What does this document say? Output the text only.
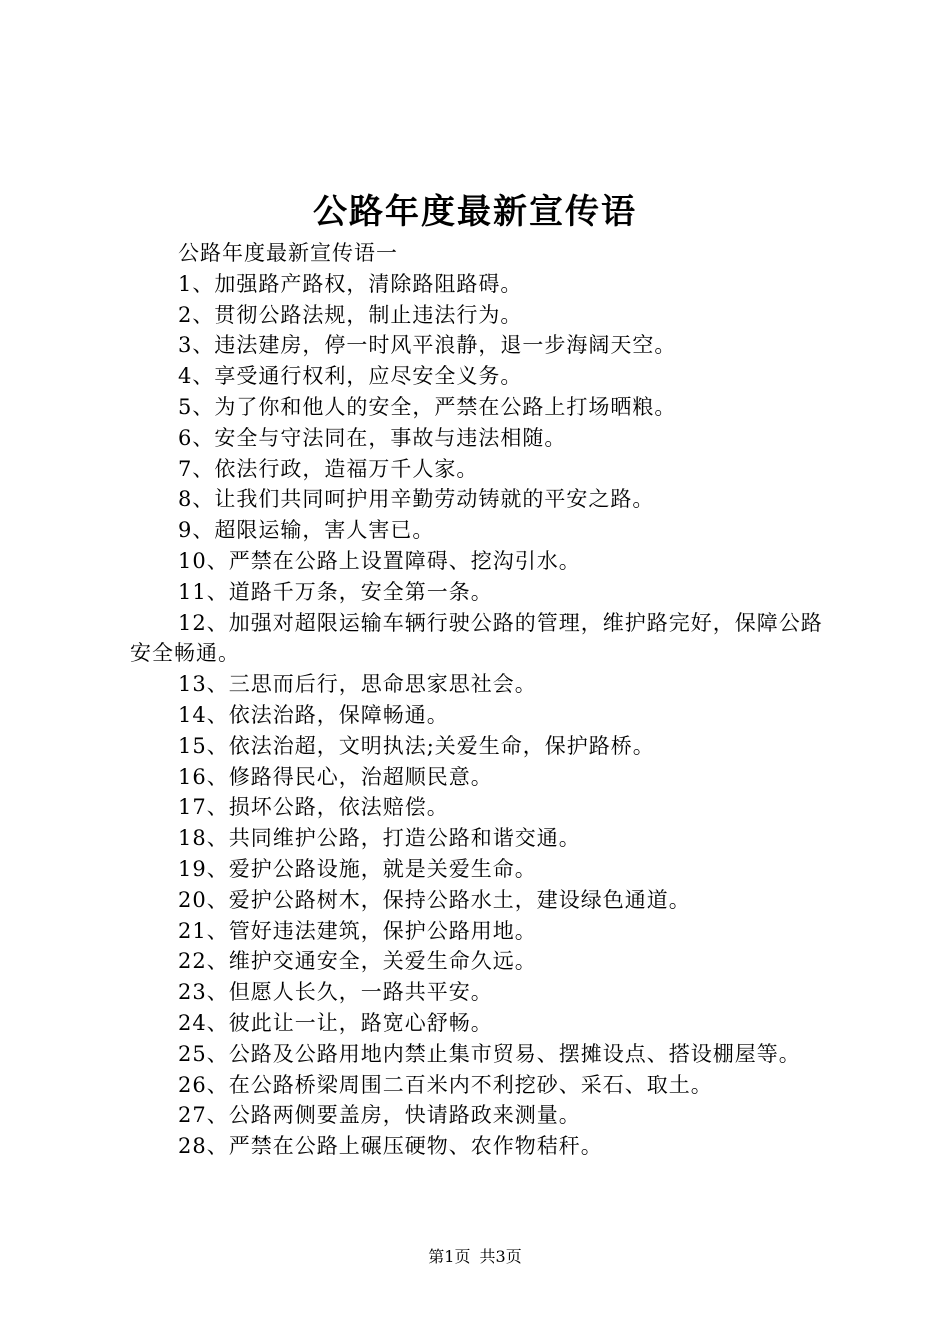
公路年度最新宣传语

公路年度最新宣传语一

1、加强路产路权，清除路阻路碍。

2、贯彻公路法规，制止违法行为。

3、违法建房，停一时风平浪静，退一步海阔天空。

4、享受通行权利，应尽安全义务。

5、为了你和他人的安全，严禁在公路上打场晒粮。

6、安全与守法同在，事故与违法相随。

7、依法行政，造福万千人家。

8、让我们共同呵护用辛勤劳动铸就的平安之路。

9、超限运输，害人害已。

10、严禁在公路上设置障碍、挖沟引水。

11、道路千万条，安全第一条。

12、加强对超限运输车辆行驶公路的管理，维护路完好，保障公路安全畅通。

13、三思而后行，思命思家思社会。

14、依法治路，保障畅通。

15、依法治超，文明执法;关爱生命，保护路桥。

16、修路得民心，治超顺民意。

17、损坏公路，依法赔偿。

18、共同维护公路，打造公路和谐交通。

19、爱护公路设施，就是关爱生命。

20、爱护公路树木，保持公路水土，建设绿色通道。

21、管好违法建筑，保护公路用地。

22、维护交通安全，关爱生命久远。

23、但愿人长久，一路共平安。

24、彼此让一让，路宽心舒畅。

25、公路及公路用地内禁止集市贸易、摆摊设点、搭设棚屋等。

26、在公路桥梁周围二百米内不利挖砂、采石、取土。

27、公路两侧要盖房，快请路政来测量。

28、严禁在公路上碾压硬物、农作物秸秆。

第1页 共3页
